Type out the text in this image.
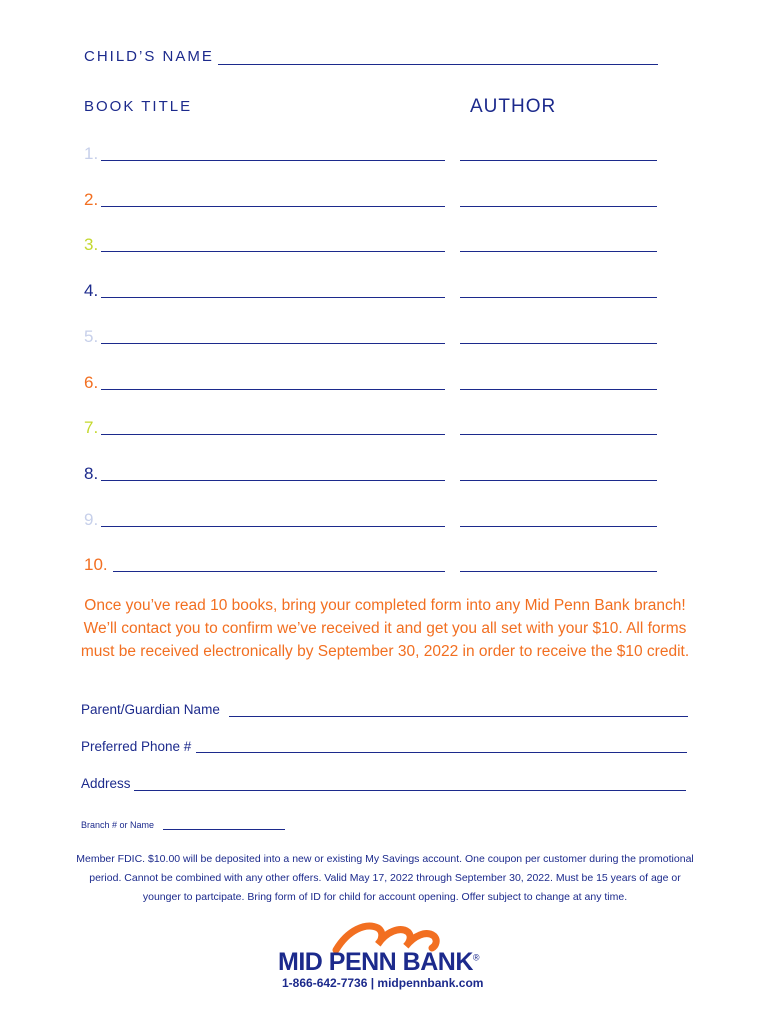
CHILD’S NAME
BOOK TITLE	AUTHOR
1.
2.
3.
4.
5.
6.
7.
8.
9.
10.
Once you’ve read 10 books, bring your completed form into any Mid Penn Bank branch!
We’ll contact you to confirm we’ve received it and get you all set with your $10. All forms
must be received electronically by September 30, 2022 in order to receive the $10 credit.
Parent/Guardian Name
Preferred Phone #
Address
Branch # or Name
Member FDIC. $10.00 will be deposited into a new or existing My Savings account. One coupon per customer during the promotional
period. Cannot be combined with any other offers. Valid May 17, 2022 through September 30, 2022. Must be 15 years of age or
younger to partcipate. Bring form of ID for child for account opening. Offer subject to change at any time.
MID PENN BANK®
1-866-642-7736 | midpennbank.com
